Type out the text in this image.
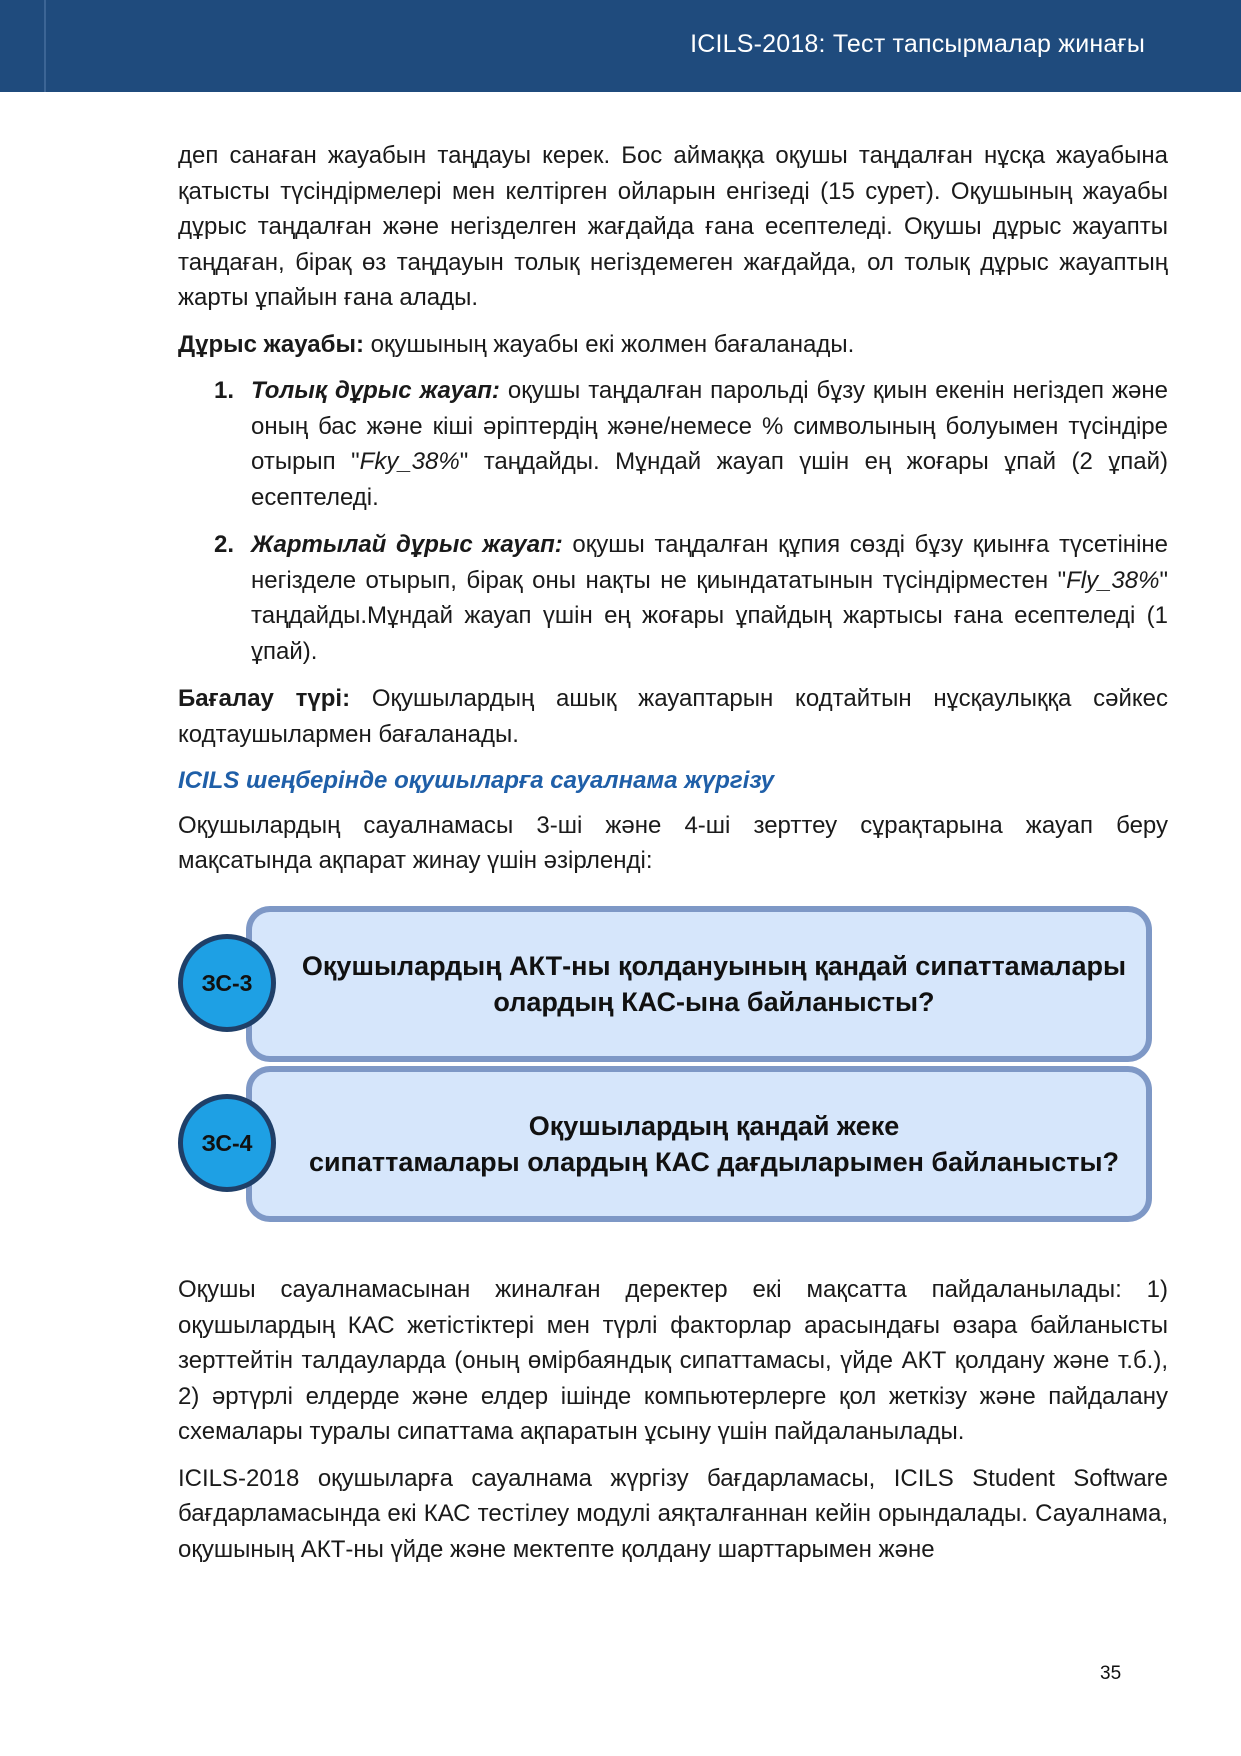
ICILS-2018: Тест тапсырмалар жинағы

деп санаған жауабын таңдауы керек. Бос аймаққа оқушы таңдалған нұсқа жауабына қатысты түсіндірмелері мен келтірген ойларын енгізеді (15 сурет). Оқушының жауабы дұрыс таңдалған және негізделген жағдайда ғана есептеледі. Оқушы дұрыс жауапты таңдаған, бірақ өз таңдауын толық негіздемеген жағдайда, ол толық дұрыс жауаптың жарты ұпайын ғана алады.

Дұрыс жауабы: оқушының жауабы екі жолмен бағаланады.

1. Толық дұрыс жауап: оқушы таңдалған парольді бұзу қиын екенін негіздеп және оның бас және кіші әріптердің және/немесе % символының болуымен түсіндіре отырып "Fky_38%" таңдайды. Мұндай жауап үшін ең жоғары ұпай (2 ұпай) есептеледі.
2. Жартылай дұрыс жауап: оқушы таңдалған құпия сөзді бұзу қиынға түсетініне негізделе отырып, бірақ оны нақты не қиындататынын түсіндірместен "Fly_38%" таңдайды.Мұндай жауап үшін ең жоғары ұпайдың жартысы ғана есептеледі (1 ұпай).

Бағалау түрі: Оқушылардың ашық жауаптарын кодтайтын нұсқаулыққа сәйкес кодтаушылармен бағаланады.

ICILS шеңберінде оқушыларға сауалнама жүргізу

Оқушылардың сауалнамасы 3-ші және 4-ші зерттеу сұрақтарына жауап беру мақсатында ақпарат жинау үшін әзірленді:

Оқушылардың АКТ-ны қолдануының қандай сипаттамалары
олардың КАС-ына байланысты?
ЗС-3
Оқушылардың қандай жеке
сипаттамалары олардың КАС дағдыларымен байланысты?
ЗС-4

Оқушы сауалнамасынан жиналған деректер екі мақсатта пайдаланылады: 1) оқушылардың КАС жетістіктері мен түрлі факторлар арасындағы өзара байланысты зерттейтін талдауларда (оның өмірбаяндық сипаттамасы, үйде АКТ қолдану және т.б.), 2) әртүрлі елдерде және елдер ішінде компьютерлерге қол жеткізу және пайдалану схемалары туралы сипаттама ақпаратын ұсыну үшін пайдаланылады.

ICILS-2018 оқушыларға сауалнама жүргізу бағдарламасы, ICILS Student Software бағдарламасында екі КАС тестілеу модулі аяқталғаннан кейін орындалады. Сауалнама, оқушының АКТ-ны үйде және мектепте қолдану шарттарымен және

35
